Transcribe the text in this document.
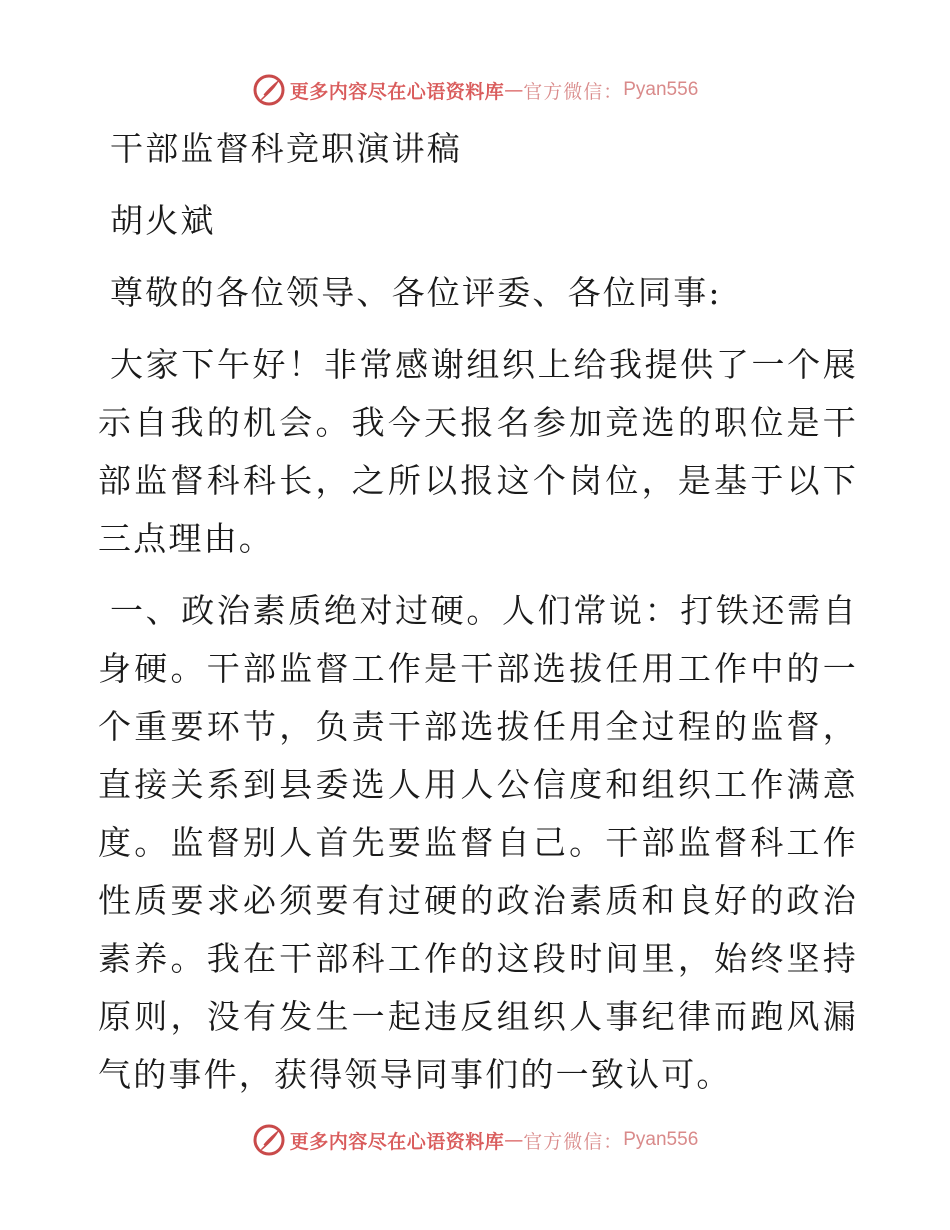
更多内容尽在心语资料库 — 官方微信： Pyan556

干部监督科竞职演讲稿

胡火斌

尊敬的各位领导、各位评委、各位同事:

大家下午好！非常感谢组织上给我提供了一个展示自我的机会。我今天报名参加竞选的职位是干部监督科科长，之所以报这个岗位，是基于以下三点理由。

一、政治素质绝对过硬。人们常说：打铁还需自身硬。干部监督工作是干部选拔任用工作中的一个重要环节，负责干部选拔任用全过程的监督，直接关系到县委选人用人公信度和组织工作满意度。监督别人首先要监督自己。干部监督科工作性质要求必须要有过硬的政治素质和良好的政治素养。我在干部科工作的这段时间里，始终坚持原则，没有发生一起违反组织人事纪律而跑风漏气的事件，获得领导同事们的一致认可。

更多内容尽在心语资料库 — 官方微信： Pyan556
